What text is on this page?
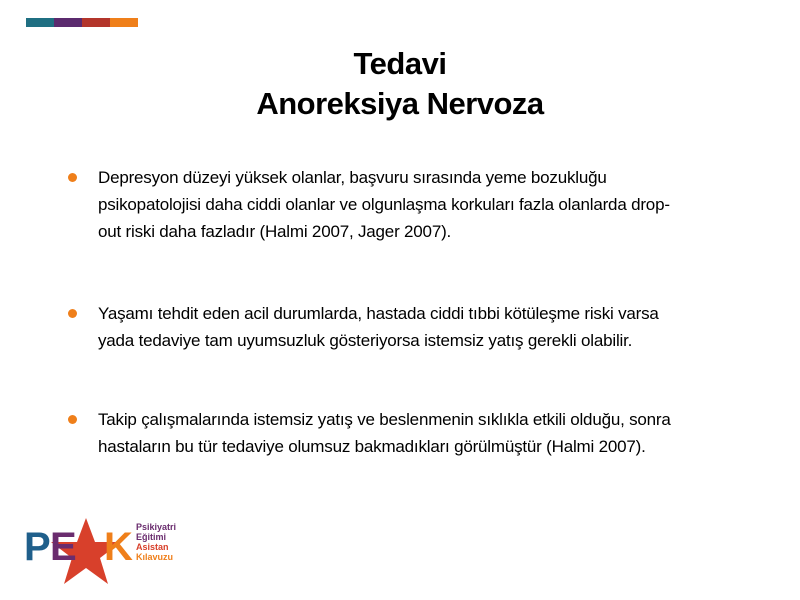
Tedavi
Anoreksiya Nervoza
Depresyon düzeyi yüksek olanlar, başvuru sırasında yeme bozukluğu
psikopatolojisi daha ciddi olanlar ve olgunlaşma korkuları fazla olanlarda drop-
out riski daha fazladır (Halmi 2007, Jager 2007).
Yaşamı tehdit eden acil durumlarda, hastada ciddi tıbbi kötüleşme riski varsa
yada tedaviye tam uyumsuzluk gösteriyorsa istemsiz yatış gerekli olabilir.
Takip çalışmalarında istemsiz yatış ve beslenmenin sıklıkla etkili olduğu, sonra
hastaların bu tür tedaviye olumsuz bakmadıkları görülmüştür (Halmi 2007).
P E K Psikiyatri
Eğitimi
Asistan
Kılavuzu
